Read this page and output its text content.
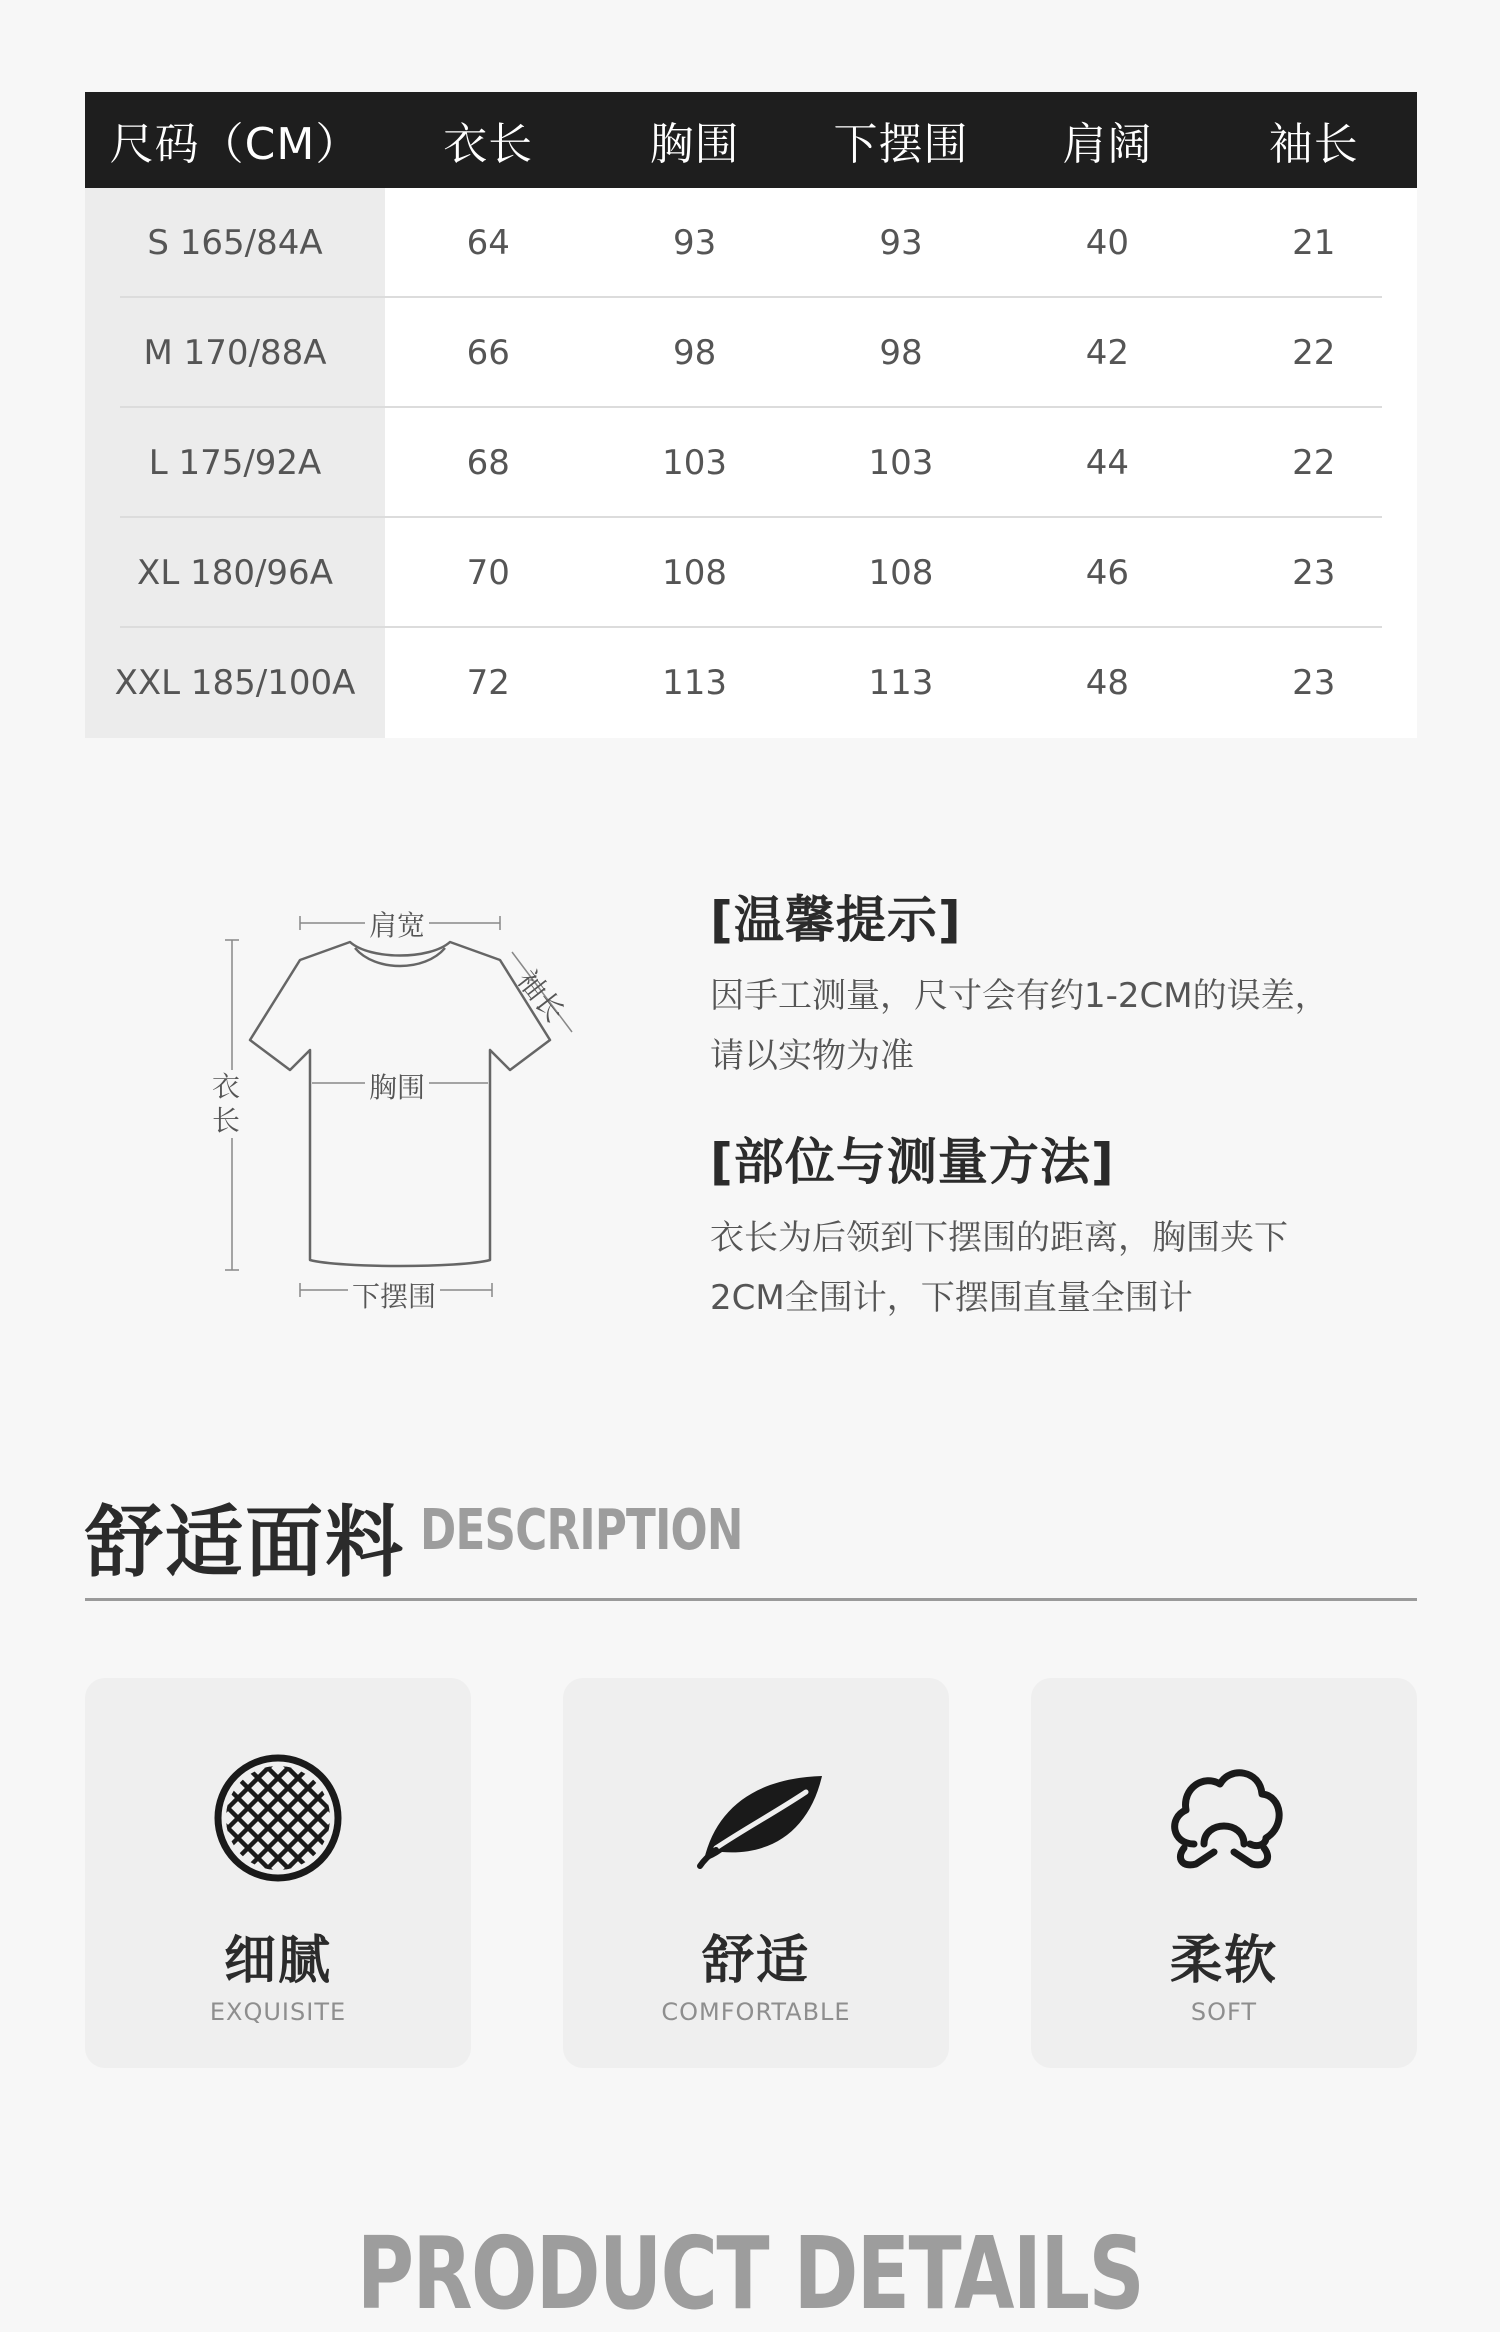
尺码（CM）	衣长	胸围	下摆围	肩阔	袖长
S 165/84A	64	93	93	40	21
M 170/88A	66	98	98	42	22
L 175/92A	68	103	103	44	22
XL 180/96A	70	108	108	46	23
XXL 185/100A	72	113	113	48	23
肩宽
袖长
胸围
衣长
下摆围
[温馨提示]
因手工测量，尺寸会有约1-2CM的误差，
请以实物为准
[部位与测量方法]
衣长为后领到下摆围的距离，胸围夹下
2CM全围计，下摆围直量全围计
舒适面料 DESCRIPTION
细腻
EXQUISITE
舒适
COMFORTABLE
柔软
SOFT
PRODUCT DETAILS
